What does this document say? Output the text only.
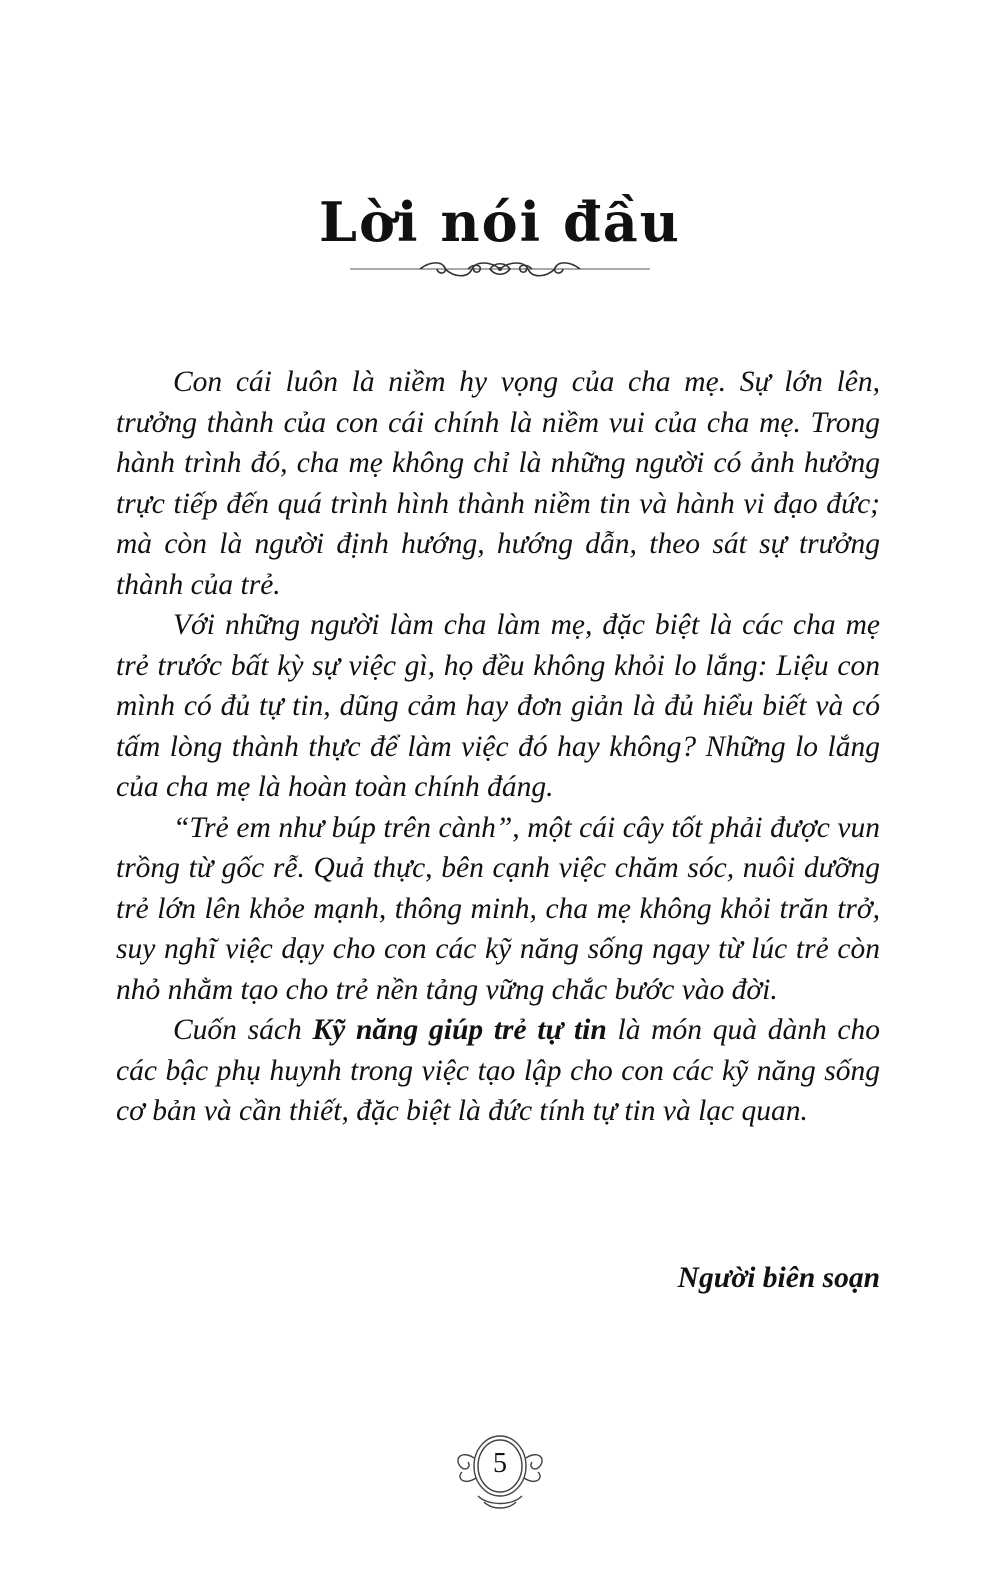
Lời nói đầu

Con cái luôn là niềm hy vọng của cha mẹ. Sự lớn lên, trưởng thành của con cái chính là niềm vui của cha mẹ. Trong hành trình đó, cha mẹ không chỉ là những người có ảnh hưởng trực tiếp đến quá trình hình thành niềm tin và hành vi đạo đức; mà còn là người định hướng, hướng dẫn, theo sát sự trưởng thành của trẻ.

Với những người làm cha làm mẹ, đặc biệt là các cha mẹ trẻ trước bất kỳ sự việc gì, họ đều không khỏi lo lắng: Liệu con mình có đủ tự tin, dũng cảm hay đơn giản là đủ hiểu biết và có tấm lòng thành thực để làm việc đó hay không? Những lo lắng của cha mẹ là hoàn toàn chính đáng.

“Trẻ em như búp trên cành”, một cái cây tốt phải được vun trồng từ gốc rễ. Quả thực, bên cạnh việc chăm sóc, nuôi dưỡng trẻ lớn lên khỏe mạnh, thông minh, cha mẹ không khỏi trăn trở, suy nghĩ việc dạy cho con các kỹ năng sống ngay từ lúc trẻ còn nhỏ nhằm tạo cho trẻ nền tảng vững chắc bước vào đời.

Cuốn sách Kỹ năng giúp trẻ tự tin là món quà dành cho các bậc phụ huynh trong việc tạo lập cho con các kỹ năng sống cơ bản và cần thiết, đặc biệt là đức tính tự tin và lạc quan.

Người biên soạn
5
